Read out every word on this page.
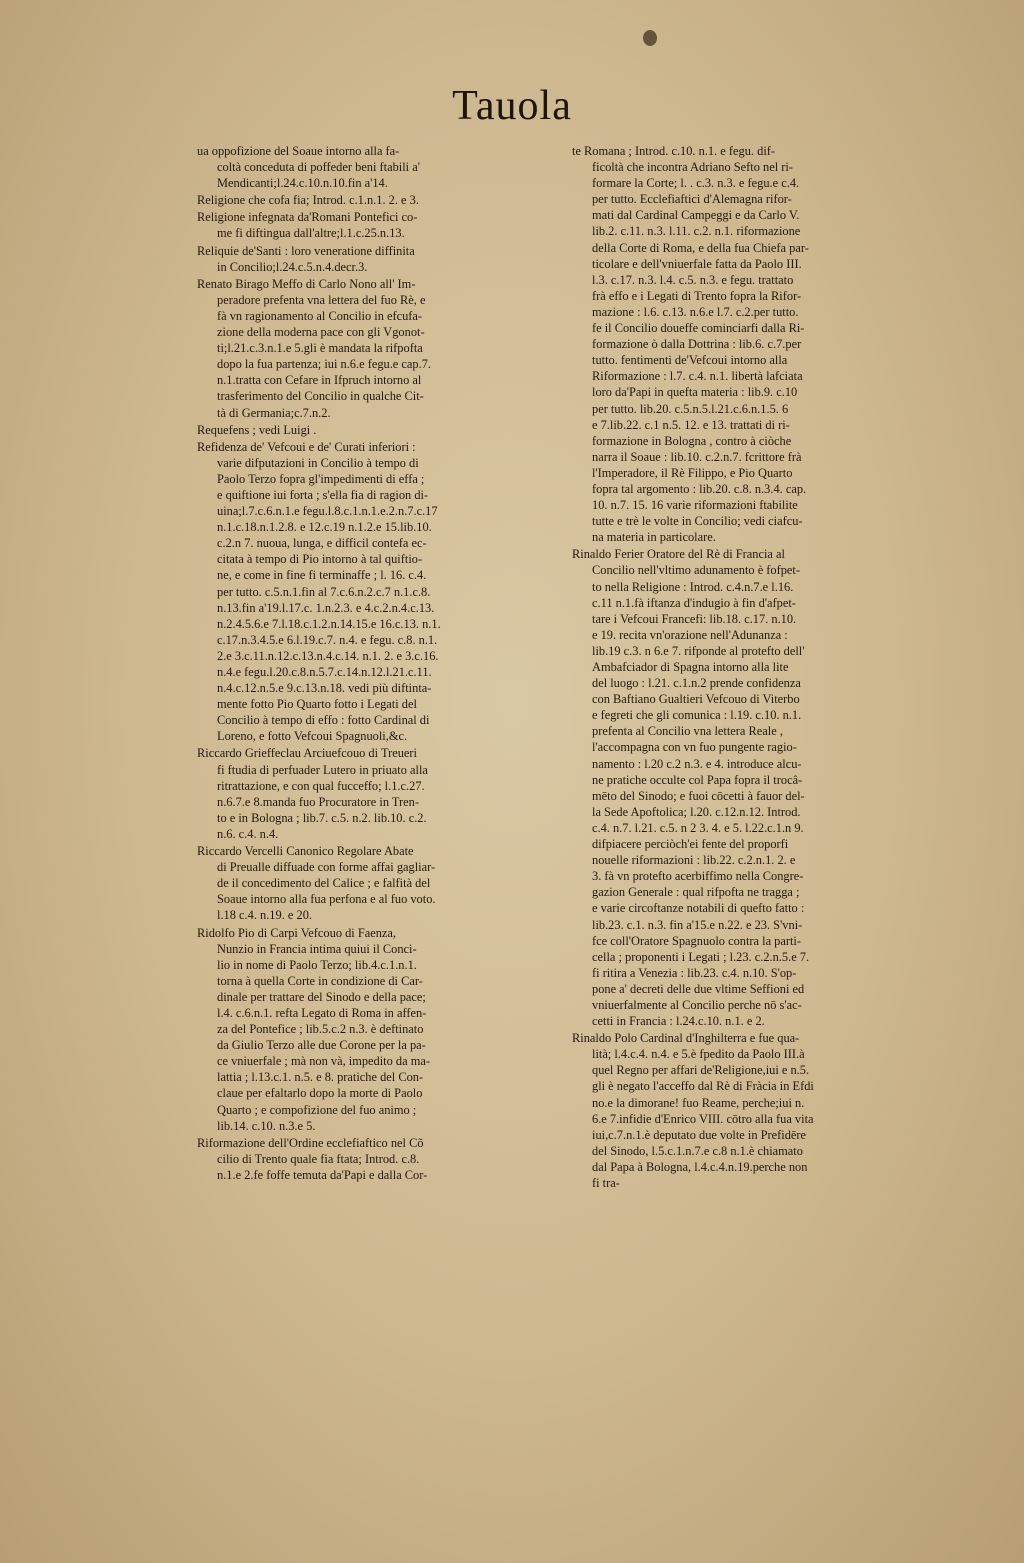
Tauola
ua oppofizione del Soaue intorno alla fa-
coltà conceduta di poffeder beni ftabili a'
Mendicanti;l.24.c.10.n.10.fin a'14.
Religione che cofa fia; Introd. c.1.n.1. 2. e 3.
Religione infegnata da'Romani Pontefici co-
me fi diftingua dall'altre;l.1.c.25.n.13.
Reliquie de'Santi : loro veneratione diffinita
in Concilio;l.24.c.5.n.4.decr.3.
Renato Birago Meffo di Carlo Nono all' Im-
peradore prefenta vna lettera del fuo Rè, e
fà vn ragionamento al Concilio in efcufa-
zione della moderna pace con gli Vgonot-
ti;l.21.c.3.n.1.e 5.gli è mandata la rifpofta
dopo la fua partenza; iui n.6.e fegu.e cap.7.
n.1.tratta con Cefare in Ifpruch intorno al
trasferimento del Concilio in qualche Cit-
tà di Germania;c.7.n.2.
Requefens ; vedi Luigi .
Refidenza de' Vefcoui e de' Curati inferiori :
varie difputazioni in Concilio à tempo di
Paolo Terzo fopra gl'impedimenti di effa ;
e quiftione iui forta ; s'ella fia di ragion di-
uina;l.7.c.6.n.1.e fegu.l.8.c.1.n.1.e.2.n.7.c.17
n.1.c.18.n.1.2.8. e 12.c.19 n.1.2.e 15.lib.10.
c.2.n 7. nuoua, lunga, e difficil contefa ec-
citata à tempo di Pio intorno à tal quiftio-
ne, e come in fine fi terminaffe ; l. 16. c.4.
per tutto. c.5.n.1.fin al 7.c.6.n.2.c.7 n.1.c.8.
n.13.fin a'19.l.17.c. 1.n.2.3. e 4.c.2.n.4.c.13.
n.2.4.5.6.e 7.l.18.c.1.2.n.14.15.e 16.c.13. n.1.
c.17.n.3.4.5.e 6.l.19.c.7. n.4. e fegu. c.8. n.1.
2.e 3.c.11.n.12.c.13.n.4.c.14. n.1. 2. e 3.c.16.
n.4.e fegu.l.20.c.8.n.5.7.c.14.n.12.l.21.c.11.
n.4.c.12.n.5.e 9.c.13.n.18. vedi più diftinta-
mente fotto Pio Quarto fotto i Legati del
Concilio à tempo di effo : fotto Cardinal di
Loreno, e fotto Vefcoui Spagnuoli,&c.
Riccardo Grieffeclau Arciuefcouo di Treueri
fi ftudia di perfuader Lutero in priuato alla
ritrattazione, e con qual fucceffo; l.1.c.27.
n.6.7.e 8.manda fuo Procuratore in Tren-
to e in Bologna ; lib.7. c.5. n.2. lib.10. c.2.
n.6. c.4. n.4.
Riccardo Vercelli Canonico Regolare Abate
di Preualle diffuade con forme affai gagliar-
de il concedimento del Calice ; e falfità del
Soaue intorno alla fua perfona e al fuo voto.
l.18 c.4. n.19. e 20.
Ridolfo Pio di Carpi Vefcouo di Faenza,
Nunzio in Francia intima quiui il Conci-
lio in nome di Paolo Terzo; lib.4.c.1.n.1.
torna à quella Corte in condizione di Car-
dinale per trattare del Sinodo e della pace;
l.4. c.6.n.1. refta Legato di Roma in affen-
za del Pontefice ; lib.5.c.2 n.3. è deftinato
da Giulio Terzo alle due Corone per la pa-
ce vniuerfale ; mà non và, impedito da ma-
lattia ; l.13.c.1. n.5. e 8. pratiche del Con-
claue per efaltarlo dopo la morte di Paolo
Quarto ; e compofizione del fuo animo ;
lib.14. c.10. n.3.e 5.
Riformazione dell'Ordine ecclefiaftico nel Cõ
cilio di Trento quale fia ftata; Introd. c.8.
n.1.e 2.fe foffe temuta da'Papi e dalla Cor-
te Romana ; Introd. c.10. n.1. e fegu. dif-
ficoltà che incontra Adriano Sefto nel ri-
formare la Corte; l. . c.3. n.3. e fegu.e c.4.
per tutto. Ecclefiaftici d'Alemagna rifor-
mati dal Cardinal Campeggi e da Carlo V.
lib.2. c.11. n.3. l.11. c.2. n.1. riformazione
della Corte di Roma, e della fua Chiefa par-
ticolare e dell'vniuerfale fatta da Paolo III.
l.3. c.17. n.3. l.4. c.5. n.3. e fegu. trattato
frà effo e i Legati di Trento fopra la Rifor-
mazione : l.6. c.13. n.6.e l.7. c.2.per tutto.
fe il Concilio doueffe cominciarfi dalla Ri-
formazione ò dalla Dottrina : lib.6. c.7.per
tutto. fentimenti de'Vefcoui intorno alla
Riformazione : l.7. c.4. n.1. libertà lafciata
loro da'Papi in quefta materia : lib.9. c.10
per tutto. lib.20. c.5.n.5.l.21.c.6.n.1.5. 6
e 7.lib.22. c.1 n.5. 12. e 13. trattati di ri-
formazione in Bologna , contro à ciòche
narra il Soaue : lib.10. c.2.n.7. fcrittore frà
l'Imperadore, il Rè Filippo, e Pio Quarto
fopra tal argomento : lib.20. c.8. n.3.4. cap.
10. n.7. 15. 16 varie riformazioni ftabilite
tutte e trè le volte in Concilio; vedi ciafcu-
na materia in particolare.
Rinaldo Ferier Oratore del Rè di Francia al
Concilio nell'vltimo adunamento è fofpet-
to nella Religione : Introd. c.4.n.7.e l.16.
c.11 n.1.fà iftanza d'indugio à fin d'afpet-
tare i Vefcoui Francefi: lib.18. c.17. n.10.
e 19. recita vn'orazione nell'Adunanza :
lib.19 c.3. n 6.e 7. rifponde al protefto dell'
Ambafciador di Spagna intorno alla lite
del luogo : l.21. c.1.n.2 prende confidenza
con Baftiano Gualtieri Vefcouo di Viterbo
e fegreti che gli comunica : l.19. c.10. n.1.
prefenta al Concilio vna lettera Reale ,
l'accompagna con vn fuo pungente ragio-
namento : l.20 c.2 n.3. e 4. introduce alcu-
ne pratiche occulte col Papa fopra il trocâ-
mēto del Sinodo; e fuoi cōcetti à fauor del-
la Sede Apoftolica; l.20. c.12.n.12. Introd.
c.4. n.7. l.21. c.5. n 2 3. 4. e 5. l.22.c.1.n 9.
difpiacere perciòch'ei fente del proporfi
nouelle riformazioni : lib.22. c.2.n.1. 2. e
3. fà vn protefto acerbiffimo nella Congre-
gazion Generale : qual rifpofta ne tragga ;
e varie circoftanze notabili di quefto fatto :
lib.23. c.1. n.3. fin a'15.e n.22. e 23. S'vni-
fce coll'Oratore Spagnuolo contra la parti-
cella ; proponenti i Legati ; l.23. c.2.n.5.e 7.
fi ritira a Venezia : lib.23. c.4. n.10. S'op-
pone a' decreti delle due vltime Seffioni ed
vniuerfalmente al Concilio perche nō s'ac-
cetti in Francia : l.24.c.10. n.1. e 2.
Rinaldo Polo Cardinal d'Inghilterra e fue qua-
lità; l.4.c.4. n.4. e 5.è fpedito da Paolo III.à
quel Regno per affari de'Religione,iui e n.5.
gli è negato l'acceffo dal Rè di Fràcia in Efdi
no.e la dimorane! fuo Reame, perche;iui n.
6.e 7.infidie d'Enrico VIII. cōtro alla fua vita
iui,c.7.n.1.è deputato due volte in Prefidēre
del Sinodo, l.5.c.1.n.7.e c.8 n.1.è chiamato
dal Papa à Bologna, l.4.c.4.n.19.perche non
fi tra-
